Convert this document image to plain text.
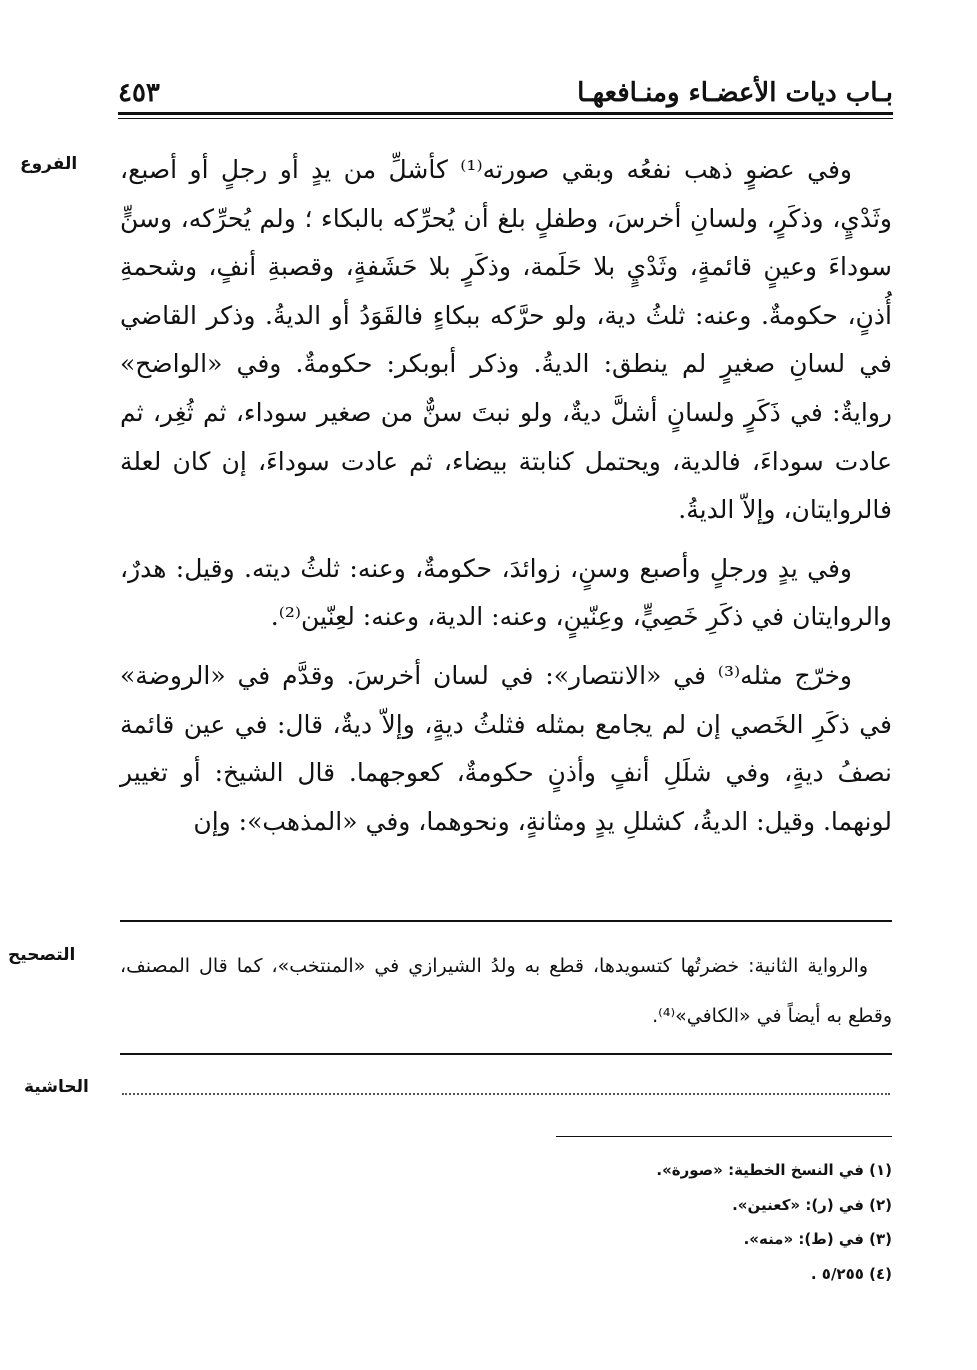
بـاب ديات الأعضـاء ومنـافعهـا
٤٥٣
الفروع	وفي عضوٍ ذهب نفعُه وبقي صورته⁽¹⁾ كأشلِّ من يدٍ أو رجلٍ أو أصبع، وثَدْيٍ، وذكَرٍ، ولسانِ أخرسَ، وطفلٍ بلغ أن يُحرِّكه بالبكاء ؛ ولم يُحرِّكه، وسنٍّ سوداءَ وعينٍ قائمةٍ، وثَدْيٍ بلا حَلَمة، وذكَرٍ بلا حَشَفةٍ، وقصبةِ أنفٍ، وشحمةِ أُذنٍ، حكومةٌ. وعنه: ثلثُ دية، ولو حرَّكه ببكاءٍ فالقَوَدُ أو الديةُ. وذكر القاضي في لسانِ صغيرٍ لم ينطق: الديةُ. وذكر أبوبكر: حكومةٌ. وفي «الواضح» روايةٌ: في ذَكَرٍ ولسانٍ أشلَّ ديةٌ، ولو نبتَ سنٌّ من صغير سوداء، ثم ثُغِر، ثم عادت سوداءَ، فالدية، ويحتمل كنابتة بيضاء، ثم عادت سوداءَ، إن كان لعلة فالروايتان، وإلاّ الديةُ.

وفي يدٍ ورجلٍ وأصبع وسنٍ، زوائدَ، حكومةٌ، وعنه: ثلثُ ديته. وقيل: هدرٌ، والروايتان في ذكَرِ خَصِيٍّ، وعِنّينٍ، وعنه: الدية، وعنه: لعِنّين⁽²⁾.

وخرّج مثله⁽³⁾ في «الانتصار»: في لسان أخرسَ. وقدَّم في «الروضة» في ذكَرِ الخَصي إن لم يجامع بمثله فثلثُ ديةٍ، وإلاّ ديةٌ، قال: في عين قائمة نصفُ ديةٍ، وفي شلَلِ أنفٍ وأذنٍ حكومةٌ، كعوجهما. قال الشيخ: أو تغيير لونهما. وقيل: الديةُ، كشللِ يدٍ ومثانةٍ، ونحوهما، وفي «المذهب»: وإن

التصحيح	والرواية الثانية: خضرتُها كتسويدها، قطع به ولدُ الشيرازي في «المنتخب»، كما قال المصنف، وقطع به أيضاً في «الكافي»⁽⁴⁾.

الحاشية
(١) في النسخ الخطية: «صورة».
(٢) في (ر): «كعنين».
(٣) في (ط): «منه».
(٤) ٥/٢٥٥ .
